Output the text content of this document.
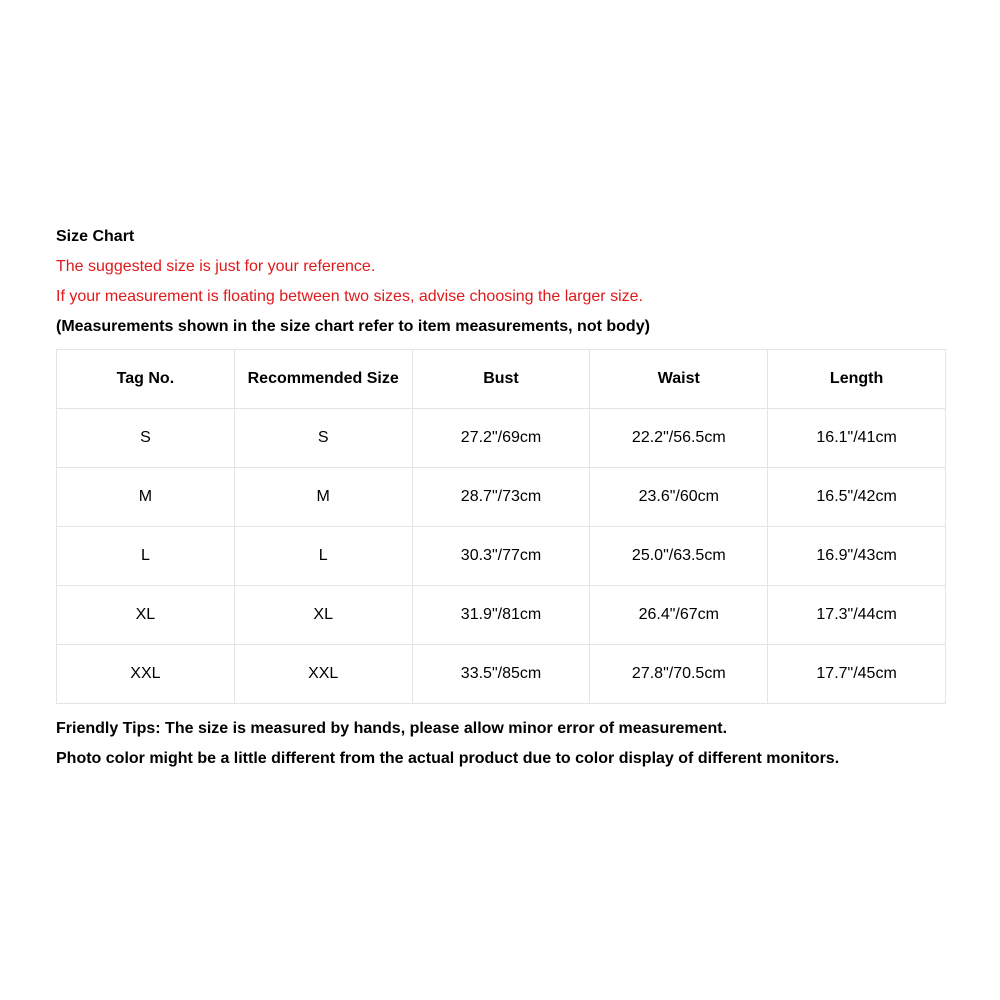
Size Chart
The suggested size is just for your reference.
If your measurement is floating between two sizes, advise choosing the larger size.
(Measurements shown in the size chart refer to item measurements, not body)
Tag No.	Recommended Size	Bust	Waist	Length
S	S	27.2"/69cm	22.2"/56.5cm	16.1"/41cm
M	M	28.7"/73cm	23.6"/60cm	16.5"/42cm
L	L	30.3"/77cm	25.0"/63.5cm	16.9"/43cm
XL	XL	31.9"/81cm	26.4"/67cm	17.3"/44cm
XXL	XXL	33.5"/85cm	27.8"/70.5cm	17.7"/45cm
Friendly Tips: The size is measured by hands, please allow minor error of measurement.
Photo color might be a little different from the actual product due to color display of different monitors.
